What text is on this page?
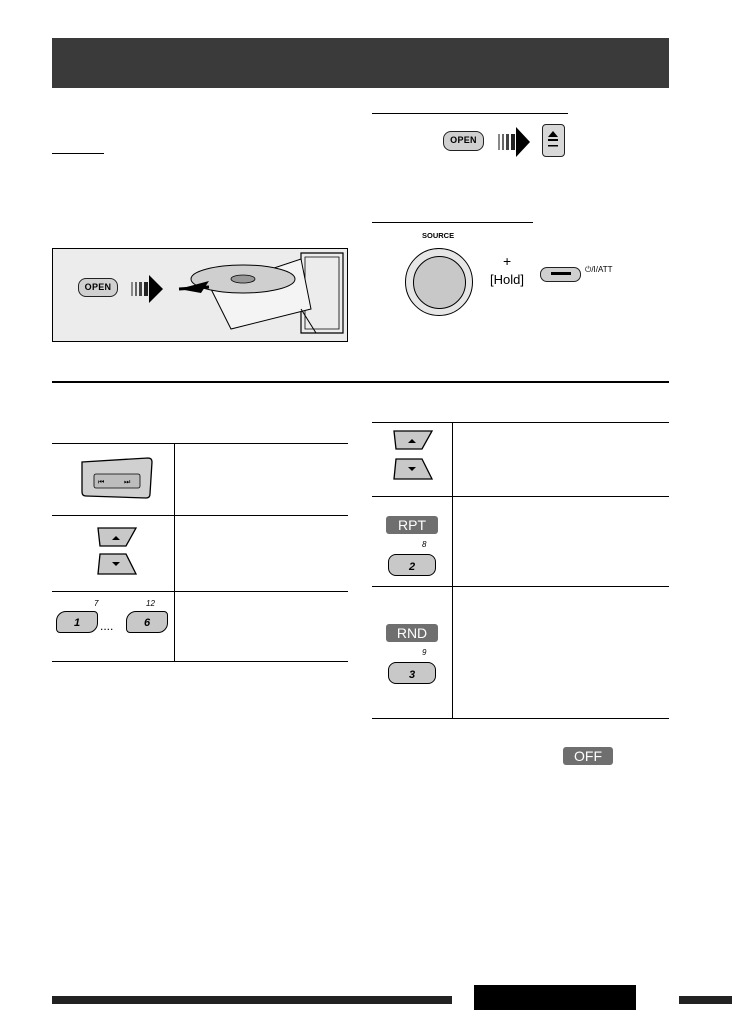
OPEN
OPEN
SOURCE
+
[Hold]
⏻/I/ATT
⏮ ⏭	

7 12
1 .... 6	

RPT
8
2	

RND
9
3	

OFF
